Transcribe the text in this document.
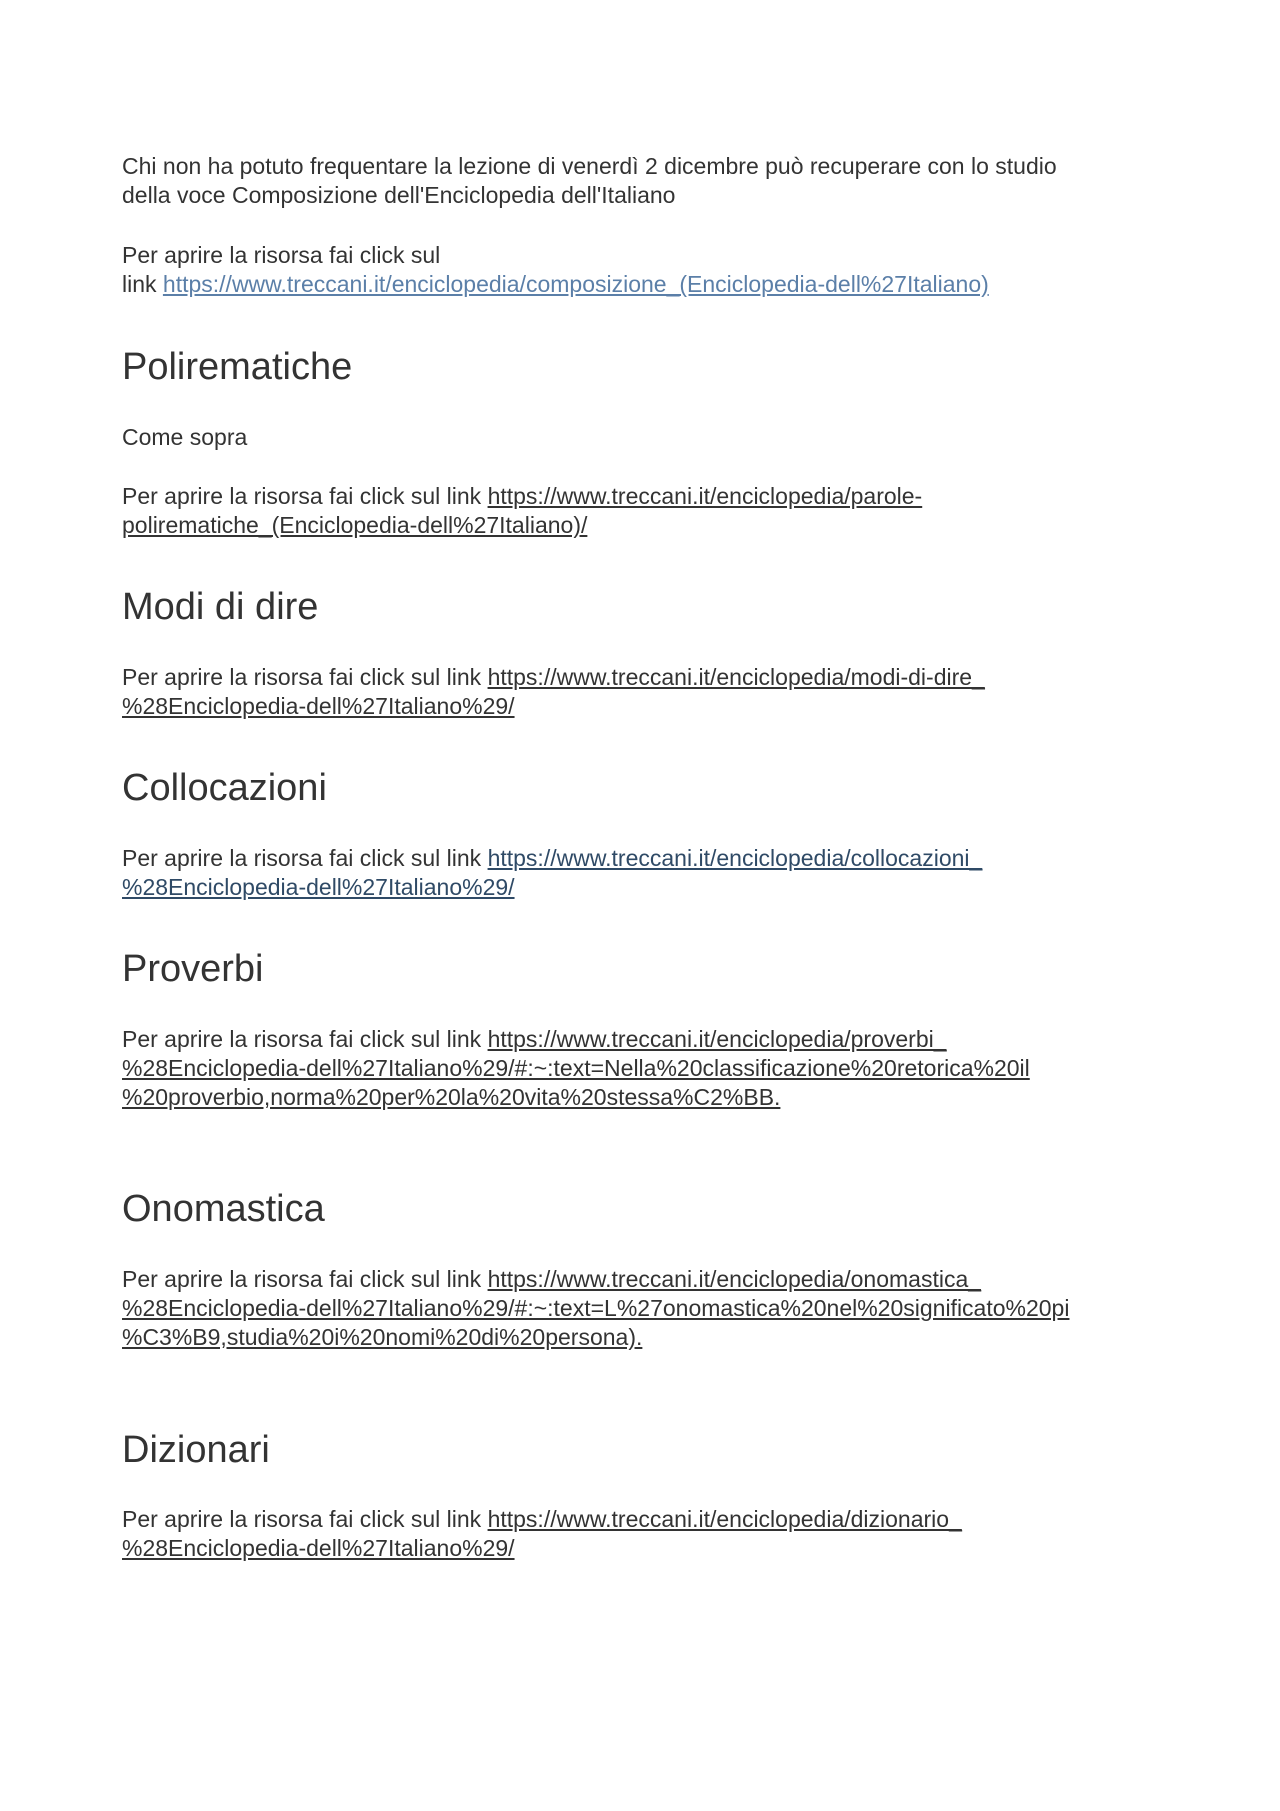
Chi non ha potuto frequentare la lezione di venerdì 2 dicembre può recuperare con lo studio
della voce Composizione dell'Enciclopedia dell'Italiano

Per aprire la risorsa fai click sul
link https://www.treccani.it/enciclopedia/composizione_(Enciclopedia-dell%27Italiano)

Polirematiche

Come sopra

Per aprire la risorsa fai click sul link https://www.treccani.it/enciclopedia/parole-
polirematiche_(Enciclopedia-dell%27Italiano)/

Modi di dire

Per aprire la risorsa fai click sul link https://www.treccani.it/enciclopedia/modi-di-dire_
%28Enciclopedia-dell%27Italiano%29/

Collocazioni

Per aprire la risorsa fai click sul link https://www.treccani.it/enciclopedia/collocazioni_
%28Enciclopedia-dell%27Italiano%29/

Proverbi

Per aprire la risorsa fai click sul link https://www.treccani.it/enciclopedia/proverbi_
%28Enciclopedia-dell%27Italiano%29/#:~:text=Nella%20classificazione%20retorica%20il
%20proverbio,norma%20per%20la%20vita%20stessa%C2%BB.

Onomastica

Per aprire la risorsa fai click sul link https://www.treccani.it/enciclopedia/onomastica_
%28Enciclopedia-dell%27Italiano%29/#:~:text=L%27onomastica%20nel%20significato%20pi
%C3%B9,studia%20i%20nomi%20di%20persona).

Dizionari

Per aprire la risorsa fai click sul link https://www.treccani.it/enciclopedia/dizionario_
%28Enciclopedia-dell%27Italiano%29/
